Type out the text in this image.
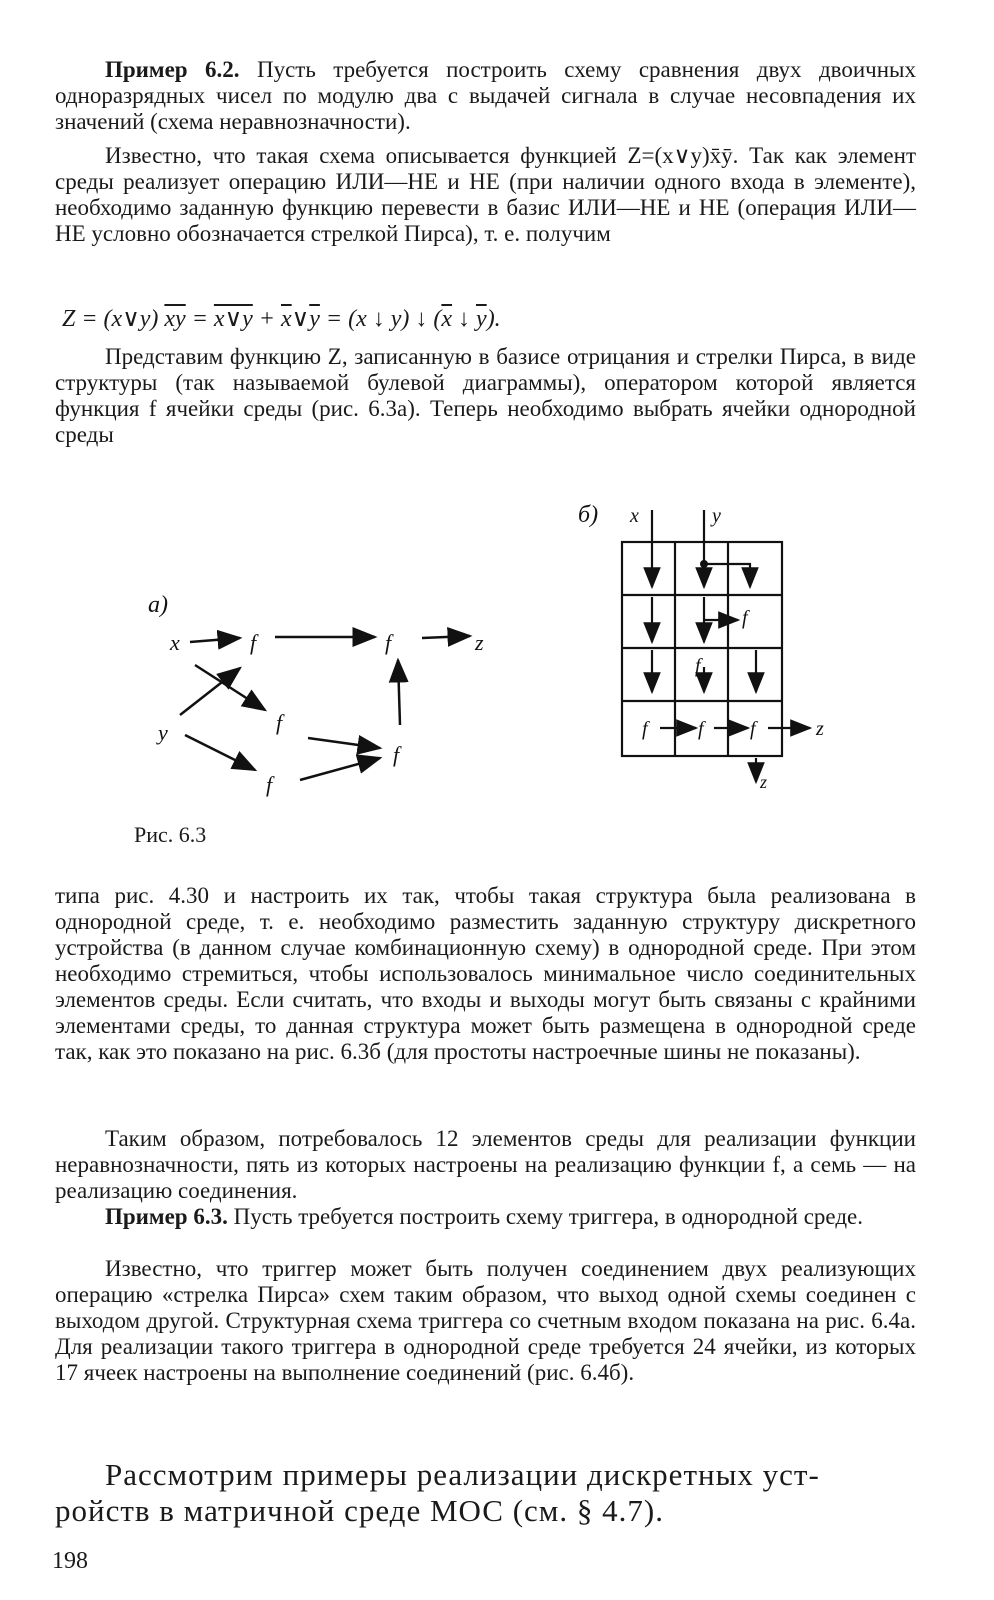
Пример 6.2. Пусть требуется построить схему сравнения двух двоичных одноразрядных чисел по модулю два с выдачей сигнала в случае несовпадения их значений (схема неравнозначности).

Известно, что такая схема описывается функцией Z=(x∨y)x̄ȳ. Так как элемент среды реализует операцию ИЛИ—НЕ и НЕ (при наличии одного входа в элементе), необходимо заданную функцию перевести в базис ИЛИ—НЕ и НЕ (операция ИЛИ—НЕ условно обозначается стрелкой Пирса), т. е. получим

Z = (x∨y) $\overline{xy}$ = x∨y + $\overline{x}\vee\overline{y} = (x$ ↓ y) ↓ ($\overline{x}$ ↓ $\overline{y}$).

Представим функцию Z, записанную в базисе отрицания и стрелки Пирса, в виде структуры (так называемой булевой диаграммы), оператором которой является функция f ячейки среды (рис. 6.3а). Теперь необходимо выбрать ячейки однородной среды

а)
x	f	f	z
y	f
f
f
Рис. 6.3
б) x	y
f
f
f	f f	z
z

типа рис. 4.30 и настроить их так, чтобы такая структура была реализована в однородной среде, т. е. необходимо разместить заданную структуру дискретного устройства (в данном случае комбинационную схему) в однородной среде. При этом необходимо стремиться, чтобы использовалось минимальное число соединительных элементов среды. Если считать, что входы и выходы могут быть связаны с крайними элементами среды, то данная структура может быть размещена в однородной среде так, как это показано на рис. 6.3б (для простоты настроечные шины не показаны).

Таким образом, потребовалось 12 элементов среды для реализации функции неравнозначности, пять из которых настроены на реализацию функции f, а семь — на реализацию соединения.

Пример 6.3. Пусть требуется построить схему триггера, в однородной среде.

Известно, что триггер может быть получен соединением двух реализующих операцию «стрелка Пирса» схем таким образом, что выход одной схемы соединен с выходом другой. Структурная схема триггера со счетным входом показана на рис. 6.4а. Для реализации такого триггера в однородной среде требуется 24 ячейки, из которых 17 ячеек настроены на выполнение соединений (рис. 6.4б).

Рассмотрим примеры реализации дискретных уст-
ройств в матричной среде МОС (см. § 4.7).
198
